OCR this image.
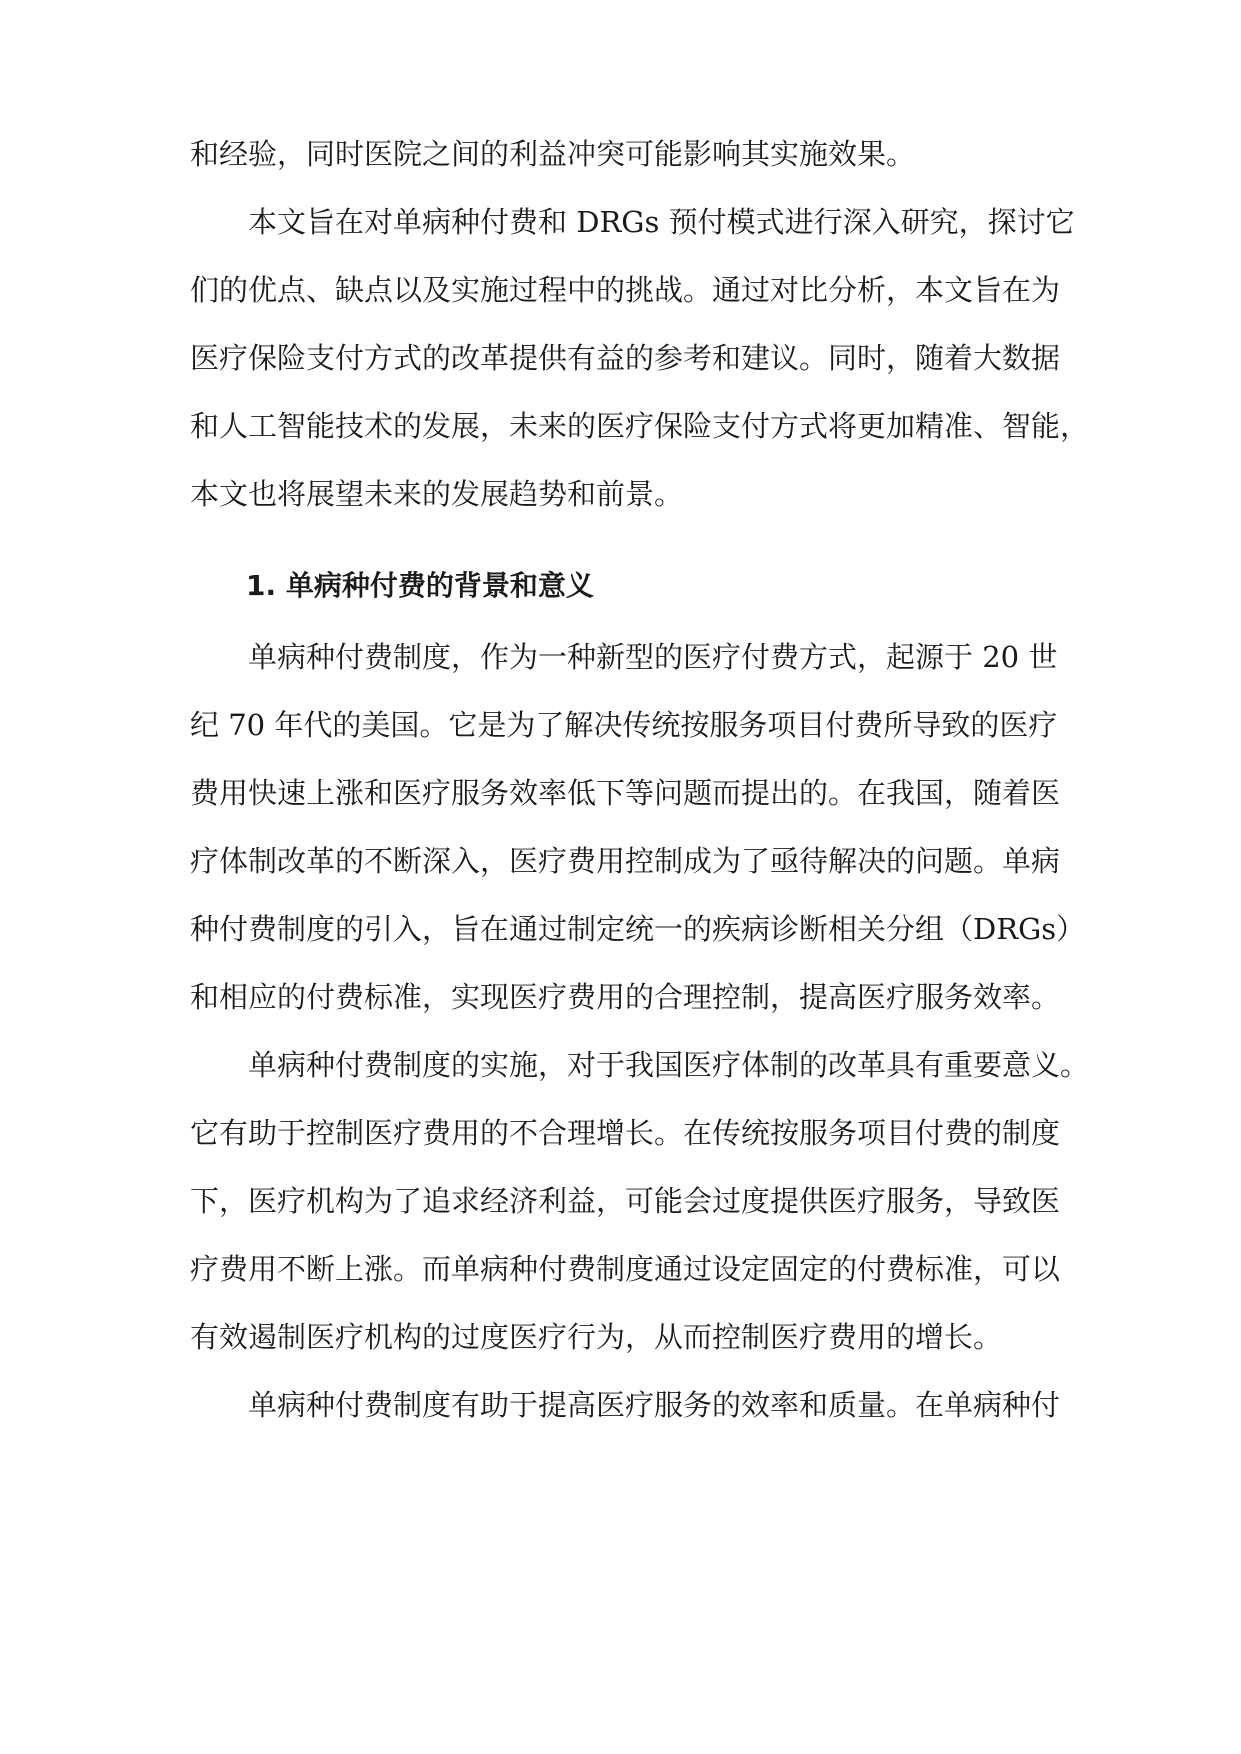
和经验，同时医院之间的利益冲突可能影响其实施效果。
本文旨在对单病种付费和 DRGs 预付模式进行深入研究，探讨它
们的优点、缺点以及实施过程中的挑战。通过对比分析，本文旨在为
医疗保险支付方式的改革提供有益的参考和建议。同时，随着大数据
和人工智能技术的发展，未来的医疗保险支付方式将更加精准、智能，
本文也将展望未来的发展趋势和前景。
1. 单病种付费的背景和意义
单病种付费制度，作为一种新型的医疗付费方式，起源于 20 世
纪 70 年代的美国。它是为了解决传统按服务项目付费所导致的医疗
费用快速上涨和医疗服务效率低下等问题而提出的。在我国，随着医
疗体制改革的不断深入，医疗费用控制成为了亟待解决的问题。单病
种付费制度的引入，旨在通过制定统一的疾病诊断相关分组（DRGs）
和相应的付费标准，实现医疗费用的合理控制，提高医疗服务效率。
单病种付费制度的实施，对于我国医疗体制的改革具有重要意义。
它有助于控制医疗费用的不合理增长。在传统按服务项目付费的制度
下，医疗机构为了追求经济利益，可能会过度提供医疗服务，导致医
疗费用不断上涨。而单病种付费制度通过设定固定的付费标准，可以
有效遏制医疗机构的过度医疗行为，从而控制医疗费用的增长。
单病种付费制度有助于提高医疗服务的效率和质量。在单病种付
